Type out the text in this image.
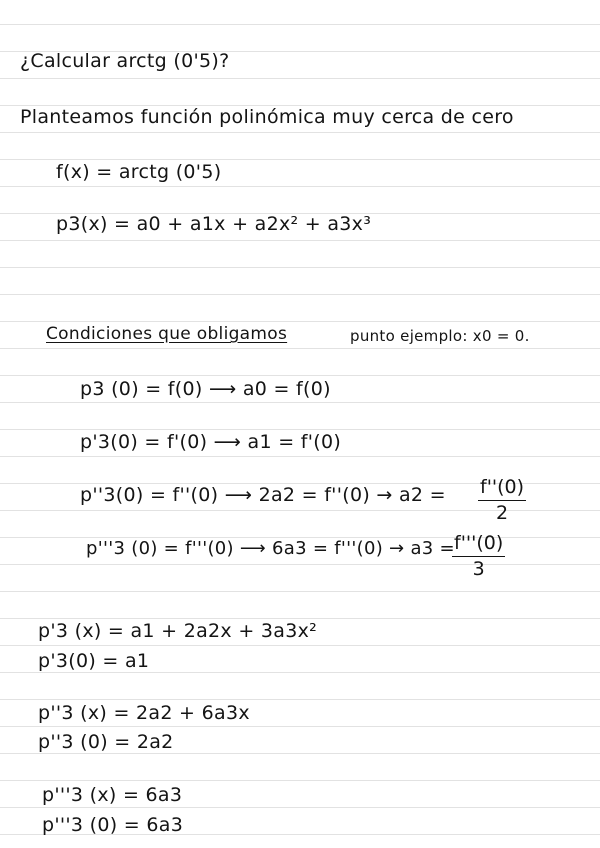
¿Calcular arctg (0'5)?
Planteamos función polinómica muy cerca de cero
f(x) = arctg (0'5)
p3(x) = a0 + a1x + a2x² + a3x³
Condiciones que obligamos	punto ejemplo: x0 = 0.
p3 (0) = f(0) ⟶ a0 = f(0)
p'3(0) = f'(0) ⟶ a1 = f'(0)
p''3(0) = f''(0) ⟶ $2a2 = f''(0) \to a2 = \frac{f''(0)}{2}$
p'''3 (0) = f'''(0) ⟶ 6a3 = f'''(0) → a3 =
$\frac{f'''(0)}{3}$
p'3 (x) = a1 + 2a2x + 3a3x²
p'3(0) = a1
p''3 (x) = 2a2 + 6a3x
p''3 (0) = 2a2
p'''3 (x) = 6a3
p'''3 (0) = 6a3
